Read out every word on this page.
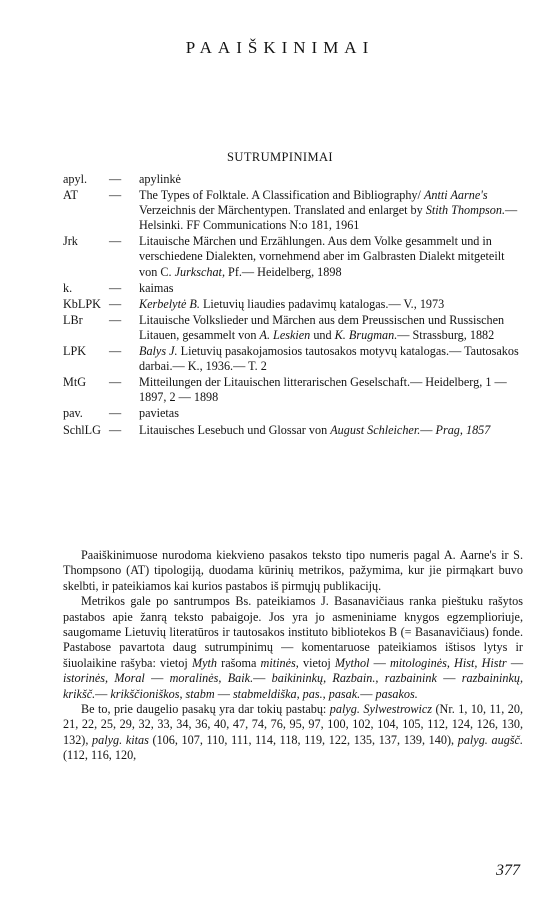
PAAIŠKINIMAI
SUTRUMPINIMAI
apyl.	— apylinkė
AT	— The Types of Folktale. A Classification and Bibliography/ Antti Aarne's Verzeichnis der Märchentypen. Translated and enlarget by Stith Thompson.— Helsinki. FF Communications N:o 181, 1961
Jrk	— Litauische Märchen und Erzählungen. Aus dem Volke gesammelt und in verschiedene Dialekten, vornehmend aber im Galbrasten Dialekt mitgeteilt von C. Jurkschat, Pf.— Heidelberg, 1898
k.	— kaimas
KbLPK — Kerbelytė B. Lietuvių liaudies padavimų katalogas.— V., 1973
LBr	— Litauische Volkslieder und Märchen aus dem Preussischen und Russischen Litauen, gesammelt von A. Leskien und K. Brugman.— Strassburg, 1882
LPK	— Balys J. Lietuvių pasakojamosios tautosakos motyvų katalogas.— Tautosakos darbai.— K., 1936.— T. 2
MtG	— Mitteilungen der Litauischen litterarischen Geselschaft.— Heidelberg, 1 — 1897, 2 — 1898
pav.	— pavietas
SchlLG — Litauisches Lesebuch und Glossar von August Schleicher.— Prag, 1857

Paaiškinimuose nurodoma kiekvieno pasakos teksto tipo numeris pagal A. Aarne's ir S. Thompsono (AT) tipologiją, duodama kūrinių metrikos, pažymima, kur jie pirmąkart buvo skelbti, ir pateikiamos kai kurios pastabos iš pirmųjų publikacijų.

Metrikos gale po santrumpos Bs. pateikiamos J. Basanavičiaus ranka pieštuku rašytos pastabos apie žanrą teksto pabaigoje. Jos yra jo asmeniniame knygos egzemplioriuje, saugomame Lietuvių literatūros ir tautosakos instituto bibliotekos B (= Basanavičiaus) fonde. Pastabose pavartota daug sutrumpinimų — komentaruose pateikiamos ištisos lytys ir šiuolaikine rašyba: vietoj Myth rašoma mitinės, vietoj Mythol — mitologinės, Hist, Histr — istorinės, Moral — moralinės, Baik.— baikininkų, Razbain., razbainink — razbaininkų, krikšč.— krikščioniškos, stabm — stabmeldiška, pas., pasak.— pasakos.

Be to, prie daugelio pasakų yra dar tokių pastabų: palyg. Sylwestrowicz (Nr. 1, 10, 11, 20, 21, 22, 25, 29, 32, 33, 34, 36, 40, 47, 74, 76, 95, 97, 100, 102, 104, 105, 112, 124, 126, 130, 132), palyg. kitas (106, 107, 110, 111, 114, 118, 119, 122, 135, 137, 139, 140), palyg. augšč. (112, 116, 120,

377
